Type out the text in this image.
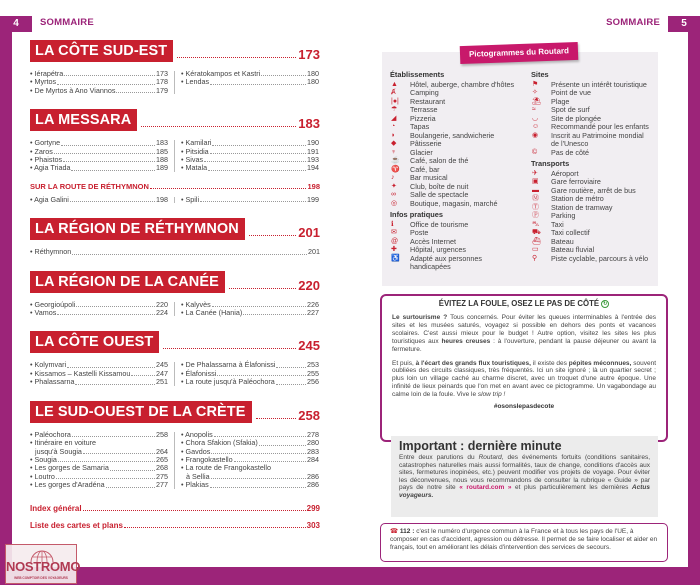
4	5
SOMMAIRE	SOMMAIRE
LA CÔTE SUD-EST	173
• Iérapétra	173
• Myrtos	178
• De Myrtos à Ano Viannos	179
• Kératokampos et Kastri	180
• Lendas	180
LA MESSARA	183
• Gortyne	183
• Zaros	185
• Phaistos	188
• Agia Triada	189
• Kamilari	190
• Pitsidia	191
• Sivas	193
• Matala	194
SUR LA ROUTE DE RÉTHYMNON	198
• Agia Galini	198 • Spili	199
LA RÉGION DE RÉTHYMNON	201
• Réthymnon	201
LA RÉGION DE LA CANÉE	220
• Georgioúpoli	220
• Vamos	224
• Kalyvès	226
• La Canée (Hania)	227
LA CÔTE OUEST	245
• Kolymvari	245
• Kissamos – Kastelli Kissamou	247
• Phalassarna	251
• De Phalassarna à Élafonissi	253
• Élafonissi	255
• La route jusqu'à Paléochora	256
LE SUD-OUEST DE LA CRÈTE	258
• Paléochora	258
• Itinéraire en voiture
jusqu'à Sougia	264
• Sougia	265
• Les gorges de Samaria	268
• Loutro	275
• Les gorges d'Aradéna	277
• Anopolis	278
• Chora Sfakion (Sfakia)	280
• Gavdos	283
• Frangokastello	284
• La route de Frangokastello
à Sellia	286
• Plakias	286
Index général	299
Liste des cartes et plans	303
NOSTROMO
WEB COMPTOIR DES VOYAGEURS
Pictogrammes du Routard
Établissements
▲	Hôtel, auberge, chambre d'hôtes
Ⱥ	Camping
|●|	Restaurant
☂	Terrasse
◢	Pizzeria
◔	Tapas
◗	Boulangerie, sandwicherie
◆	Pâtisserie
♆	Glacier
☕	Café, salon de thé
♈	Café, bar
♪	Bar musical
✦	Club, boîte de nuit
∞	Salle de spectacle
◎	Boutique, magasin, marché
Infos pratiques
ℹ	Office de tourisme
✉	Poste
@	Accès Internet
✚	Hôpital, urgences
♿	Adapté aux personnes
handicapées
Sites
⚑	Présente un intérêt touristique
✧	Point de vue
⛱	Plage
≈	Spot de surf
◡	Site de plongée
☺	Recommandé pour les enfants
◉	Inscrit au Patrimoine mondial
de l'Unesco
©	Pas de côté
Transports
✈	Aéroport
▣	Gare ferroviaire
▬	Gare routière, arrêt de bus
Ⓜ	Station de métro
Ⓣ	Station de tramway
Ⓟ	Parking
⛍	Taxi
⛟	Taxi collectif
⛴	Bateau
▭	Bateau fluvial
⚲	Piste cyclable, parcours à vélo
ÉVITEZ LA FOULE, OSEZ LE PAS DE CÔTÉ ↻

Le surtourisme ? Tous concernés. Pour éviter les queues interminables à l'entrée des sites et les musées saturés, voyagez si possible en dehors des ponts et vacances scolaires. C'est aussi mieux pour le budget ! Autre option, visitez les sites les plus touristiques aux heures creuses : à l'ouverture, pendant la pause déjeuner ou avant la fermeture.

Et puis, à l'écart des grands flux touristiques, il existe des pépites méconnues, souvent oubliées des circuits classiques, très fréquentés. Ici un site ignoré ; là un quartier secret ; plus loin un village caché au charme discret, avec un troquet d'une autre époque. Une infinité de lieux peinards que l'on met en avant avec ce pictogramme. Un vagabondage au calme loin de la foule. Vive le slow trip !

#osonslepasdecote
Important : dernière minute

Entre deux parutions du Routard, des événements fortuits (conditions sanitaires, catastrophes naturelles mais aussi formalités, taux de change, conditions d'accès aux sites, fermetures inopinées, etc.) peuvent modifier vos projets de voyage. Pour éviter les déconvenues, nous vous recommandons de consulter la rubrique « Guide » par pays de notre site « routard.com » et plus particulièrement les dernières Actus voyageurs.

☎ 112 : c'est le numéro d'urgence commun à la France et à tous les pays de l'UE, à composer en cas d'accident, agression ou détresse. Il permet de se faire localiser et aider en français, tout en améliorant les délais d'intervention des services de secours.
